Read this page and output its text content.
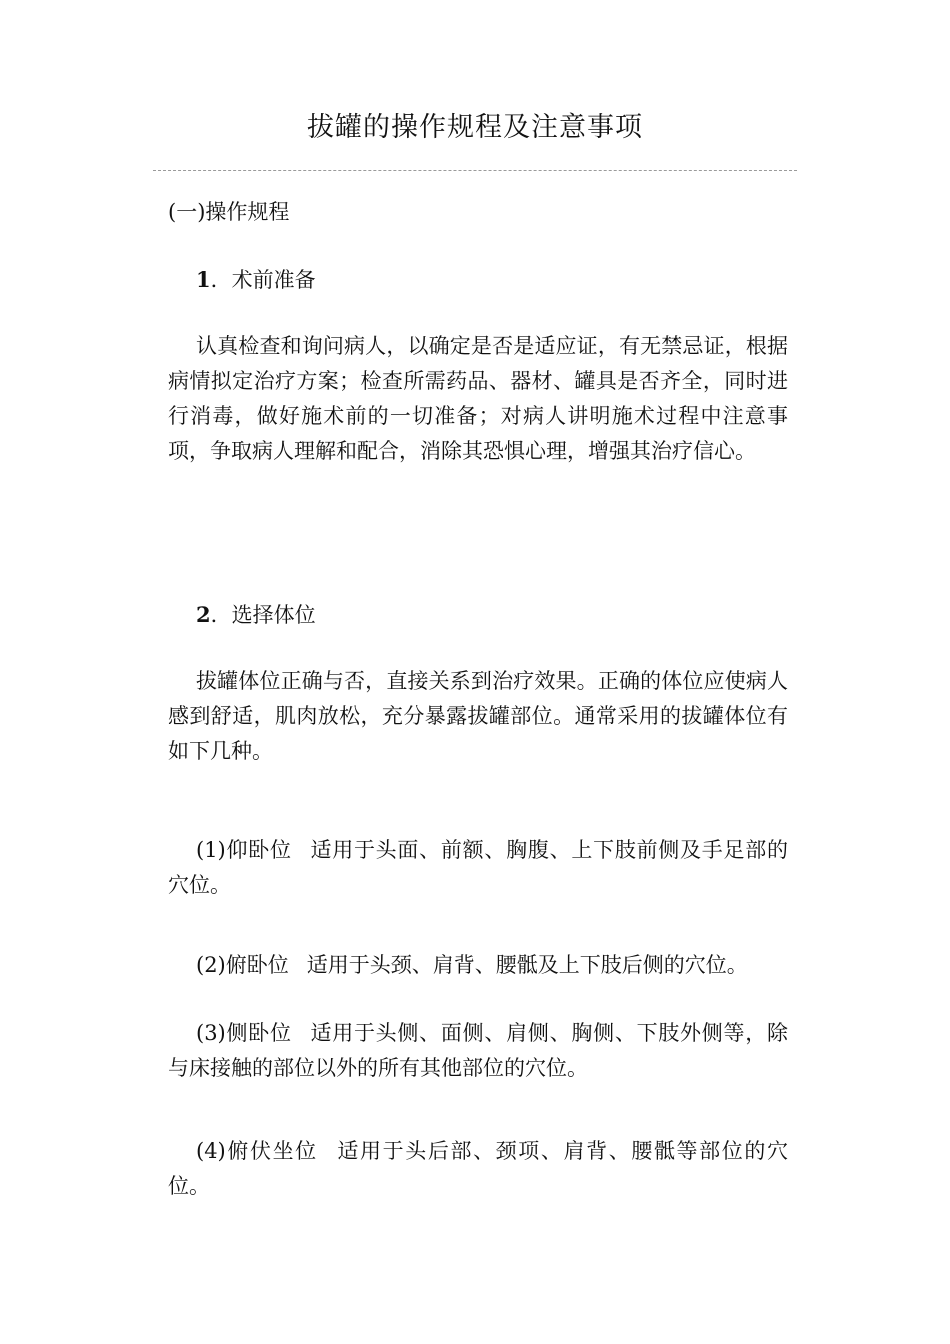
拔罐的操作规程及注意事项
(一)操作规程
1．术前准备

认真检查和询问病人，以确定是否是适应证，有无禁忌证，根据病情拟定治疗方案；检查所需药品、器材、罐具是否齐全，同时进行消毒，做好施术前的一切准备；对病人讲明施术过程中注意事项，争取病人理解和配合，消除其恐惧心理，增强其治疗信心。

2．选择体位

拔罐体位正确与否，直接关系到治疗效果。正确的体位应使病人感到舒适，肌肉放松，充分暴露拔罐部位。通常采用的拔罐体位有如下几种。

(1)仰卧位 适用于头面、前额、胸腹、上下肢前侧及手足部的穴位。

(2)俯卧位 适用于头颈、肩背、腰骶及上下肢后侧的穴位。

(3)侧卧位 适用于头侧、面侧、肩侧、胸侧、下肢外侧等，除与床接触的部位以外的所有其他部位的穴位。

(4)俯伏坐位 适用于头后部、颈项、肩背、腰骶等部位的穴位。
